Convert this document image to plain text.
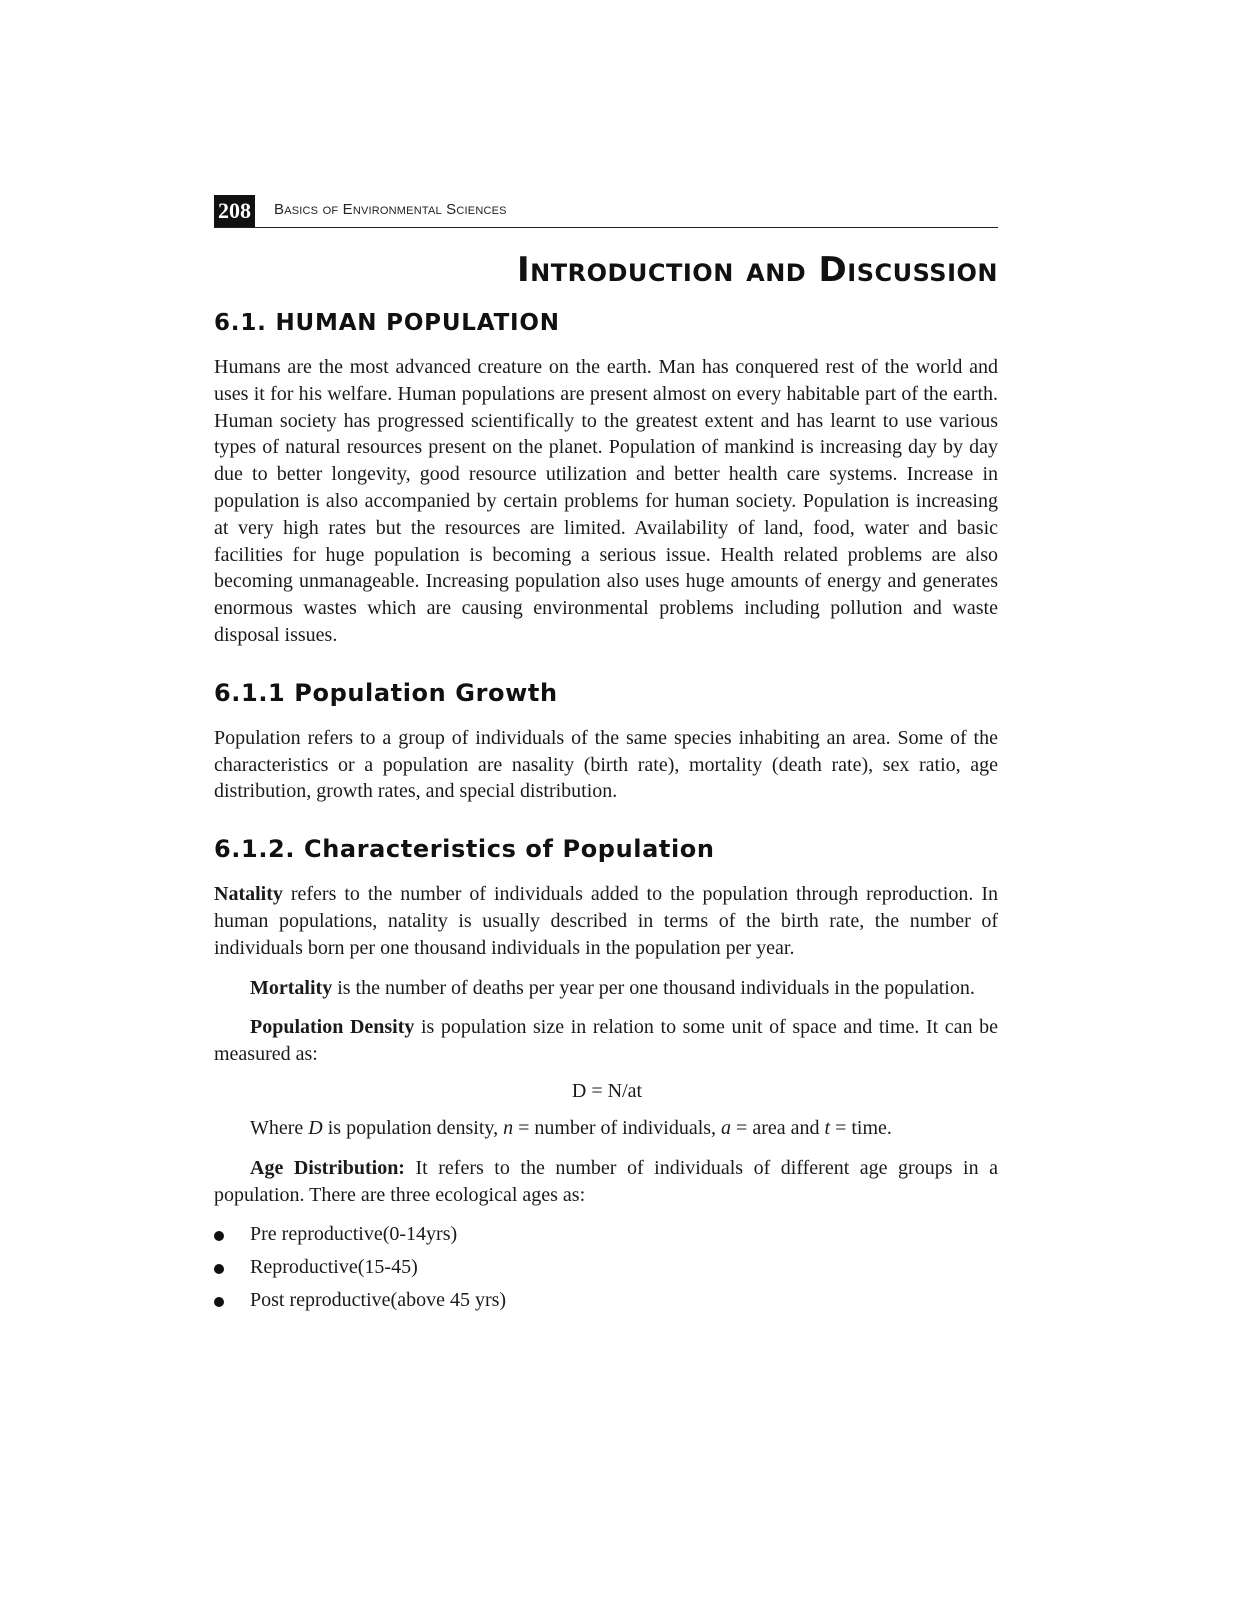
208 Basics of Environmental Sciences
Introduction and Discussion
6.1. HUMAN POPULATION

Humans are the most advanced creature on the earth. Man has conquered rest of the world and uses it for his welfare. Human populations are present almost on every habitable part of the earth. Human society has progressed scientifically to the greatest extent and has learnt to use various types of natural resources present on the planet. Population of mankind is increasing day by day due to better longevity, good resource utilization and better health care systems. Increase in population is also accompanied by certain problems for human society. Population is increasing at very high rates but the resources are limited. Availability of land, food, water and basic facilities for huge population is becoming a serious issue. Health related problems are also becoming unmanageable. Increasing population also uses huge amounts of energy and generates enormous wastes which are causing environmental problems including pollution and waste disposal issues.

6.1.1 Population Growth

Population refers to a group of individuals of the same species inhabiting an area. Some of the characteristics or a population are nasality (birth rate), mortality (death rate), sex ratio, age distribution, growth rates, and special distribution.

6.1.2. Characteristics of Population

Natality refers to the number of individuals added to the population through reproduction. In human populations, natality is usually described in terms of the birth rate, the number of individuals born per one thousand individuals in the population per year.

Mortality is the number of deaths per year per one thousand individuals in the population.

Population Density is population size in relation to some unit of space and time. It can be measured as:

D = N/at

Where D is population density, n = number of individuals, a = area and t = time.

Age Distribution: It refers to the number of individuals of different age groups in a population. There are three ecological ages as:

Pre reproductive(0-14yrs)
Reproductive(15-45)
Post reproductive(above 45 yrs)
